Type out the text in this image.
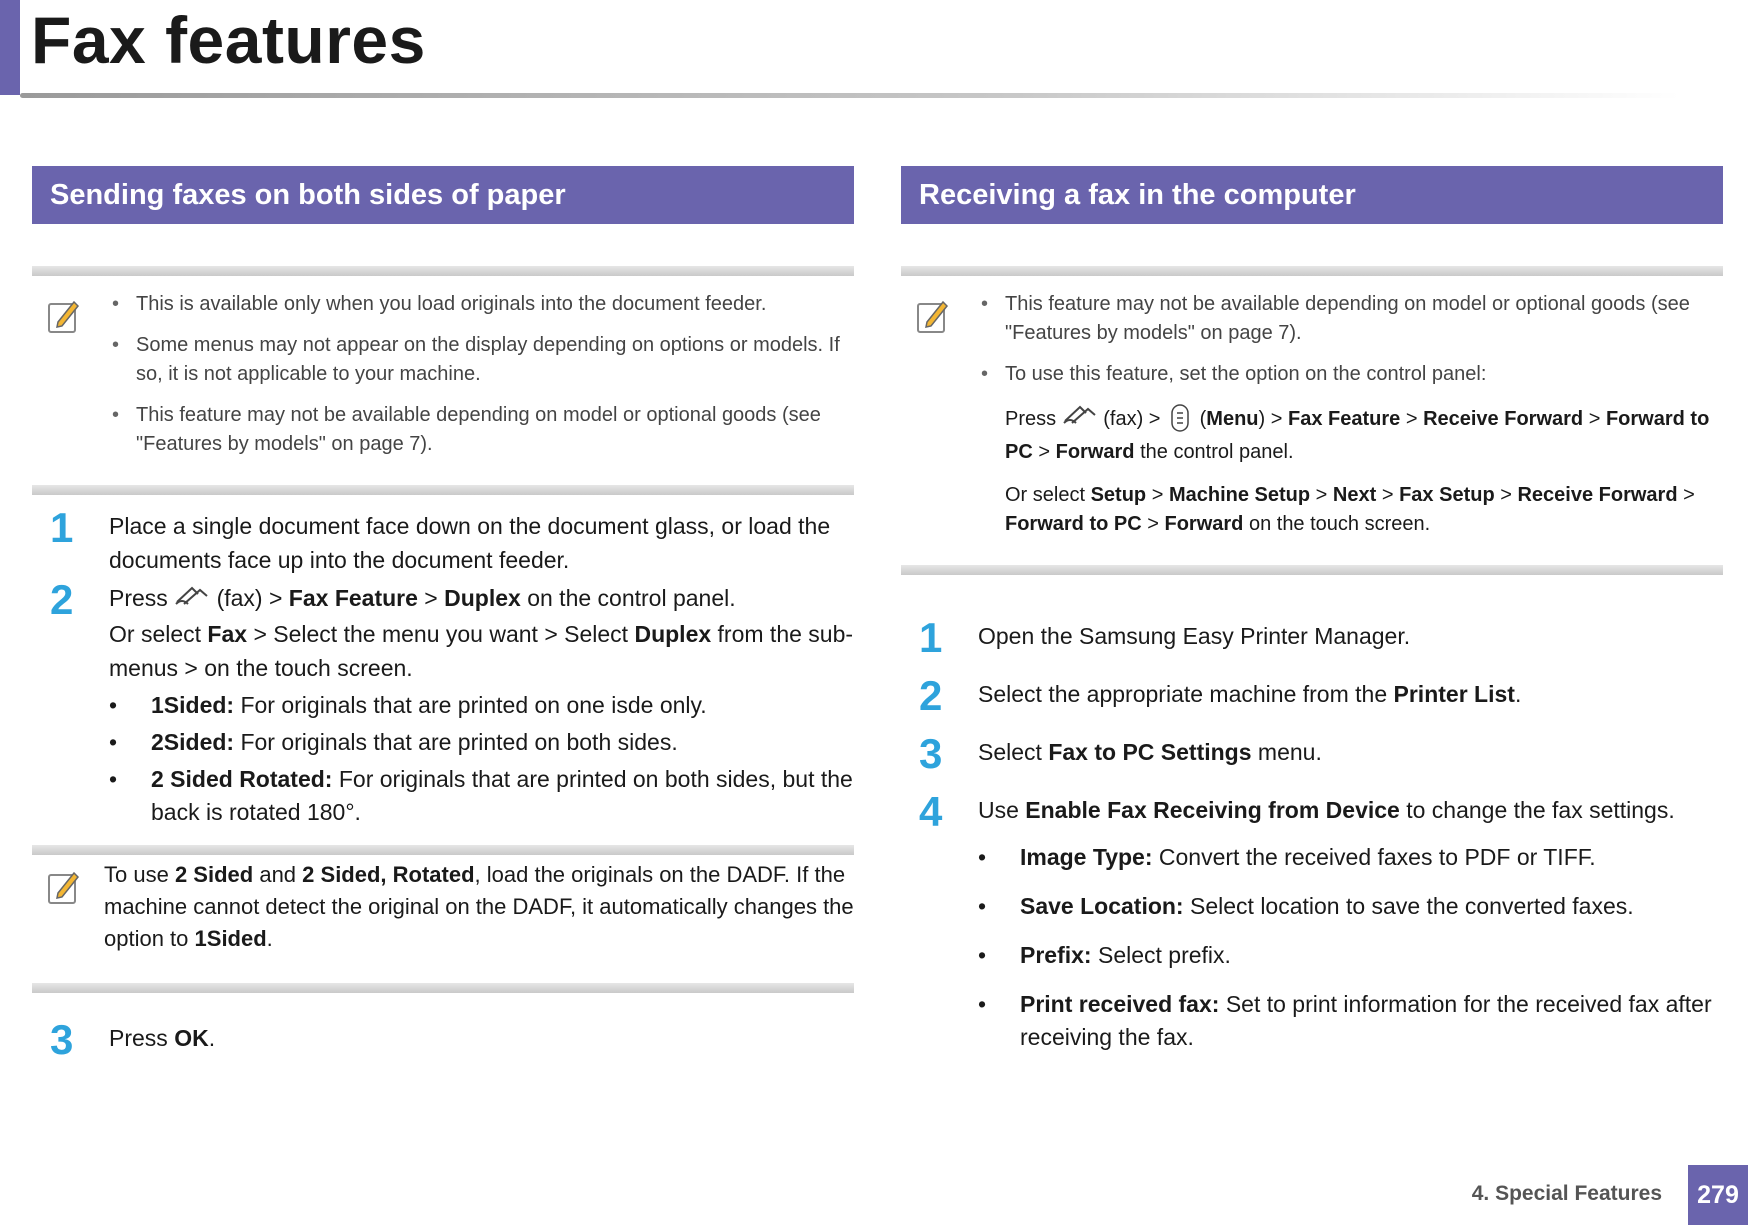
Fax features
Sending faxes on both sides of paper
• This is available only when you load originals into the document feeder.
• Some menus may not appear on the display depending on options or models. If so, it is not applicable to your machine.
• This feature may not be available depending on model or optional goods (see "Features by models" on page 7).
1 Place a single document face down on the document glass, or load the documents face up into the document feeder.
2 Press (fax) > Fax Feature > Duplex on the control panel.
Or select Fax > Select the menu you want > Select Duplex from the sub-menus > on the touch screen.
• 1Sided: For originals that are printed on one isde only.
• 2Sided: For originals that are printed on both sides.
• 2 Sided Rotated: For originals that are printed on both sides, but the back is rotated 180°.
To use 2 Sided and 2 Sided, Rotated, load the originals on the DADF. If the machine cannot detect the original on the DADF, it automatically changes the option to 1Sided.
3 Press OK.
Receiving a fax in the computer
• This feature may not be available depending on model or optional goods (see "Features by models" on page 7).
• To use this feature, set the option on the control panel:
Press (fax) > (Menu) > Fax Feature > Receive Forward > Forward to PC > Forward the control panel.
Or select Setup > Machine Setup > Next > Fax Setup > Receive Forward > Forward to PC > Forward on the touch screen.
1 Open the Samsung Easy Printer Manager.
2 Select the appropriate machine from the Printer List.
3 Select Fax to PC Settings menu.
4 Use Enable Fax Receiving from Device to change the fax settings.
• Image Type: Convert the received faxes to PDF or TIFF.
• Save Location: Select location to save the converted faxes.
• Prefix: Select prefix.
• Print received fax: Set to print information for the received fax after receiving the fax.
4. Special Features	279
